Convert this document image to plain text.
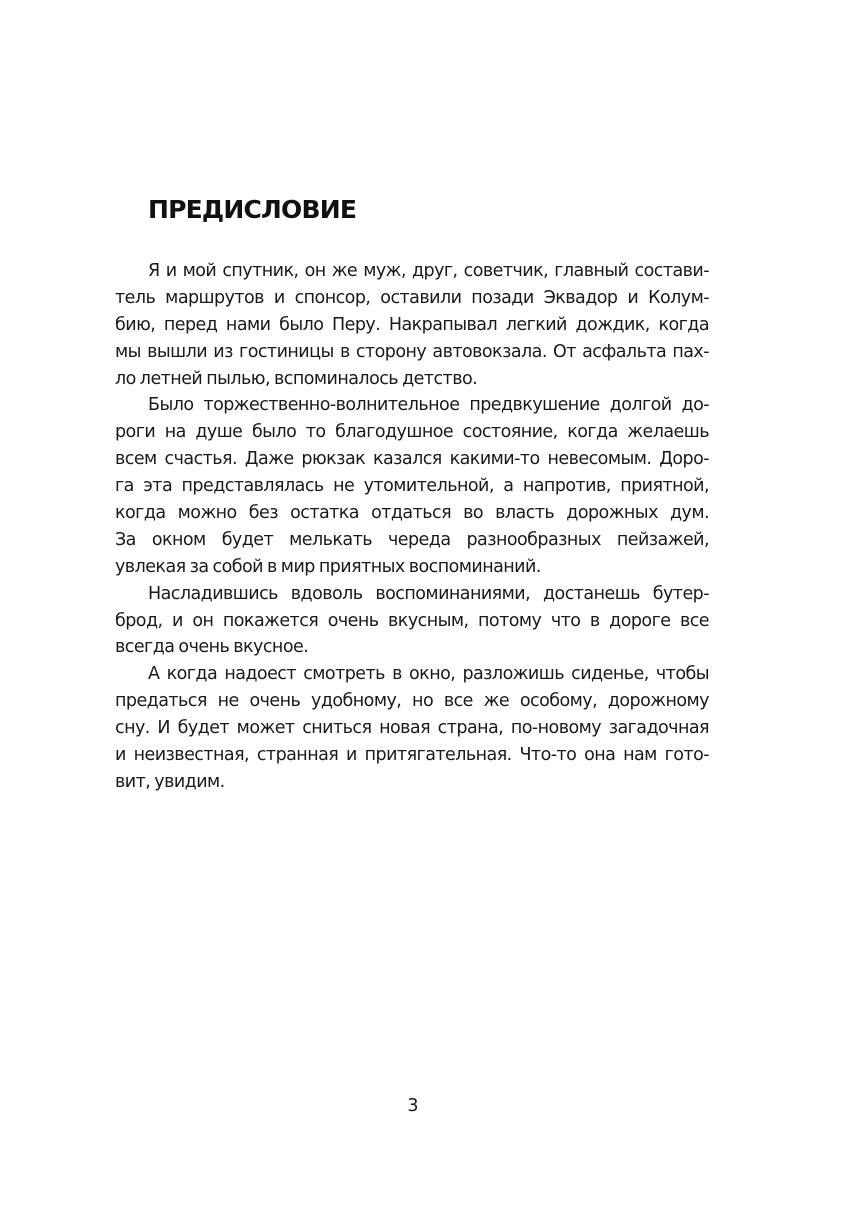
ПРЕДИСЛОВИЕ
Я и мой спутник, он же муж, друг, советчик, главный состави-
тель маршрутов и спонсор, оставили позади Эквадор и Колум-
бию, перед нами было Перу. Накрапывал легкий дождик, когда
мы вышли из гостиницы в сторону автовокзала. От асфальта пах-
ло летней пылью, вспоминалось детство.
Было торжественно-волнительное предвкушение долгой до-
роги на душе было то благодушное состояние, когда желаешь
всем счастья. Даже рюкзак казался какими-то невесомым. Доро-
га эта представлялась не утомительной, а напротив, приятной,
когда можно без остатка отдаться во власть дорожных дум.
За окном будет мелькать череда разнообразных пейзажей,
увлекая за собой в мир приятных воспоминаний.
Насладившись вдоволь воспоминаниями, достанешь бутер-
брод, и он покажется очень вкусным, потому что в дороге все
всегда очень вкусное.
А когда надоест смотреть в окно, разложишь сиденье, чтобы
предаться не очень удобному, но все же особому, дорожному
сну. И будет может сниться новая страна, по-новому загадочная
и неизвестная, странная и притягательная. Что-то она нам гото-
вит, увидим.
3
